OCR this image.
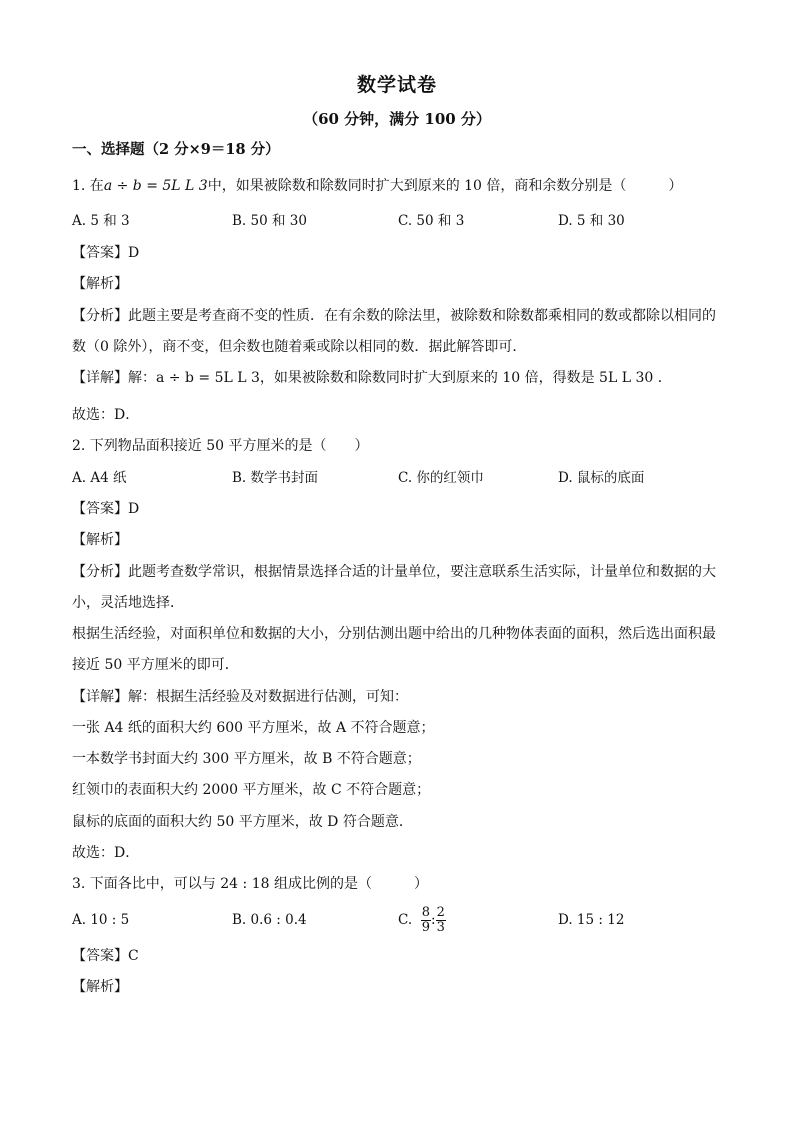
数学试卷
（60 分钟，满分 100 分）
一、选择题（2 分×9＝18 分）
1. 在a ÷ b = 5L L 3中，如果被除数和除数同时扩大到原来的 10 倍，商和余数分别是（　　　）
A. 5 和 3	B. 50 和 30	C. 50 和 3	D. 5 和 30
【答案】D
【解析】
【分析】此题主要是考查商不变的性质．在有余数的除法里，被除数和除数都乘相同的数或都除以相同的
数（0 除外），商不变，但余数也随着乘或除以相同的数．据此解答即可．
【详解】解：a ÷ b = 5L L 3，如果被除数和除数同时扩大到原来的 10 倍，得数是 5L L 30 ．
故选：D．
2. 下列物品面积接近 50 平方厘米的是（　　）
A. A4 纸	B. 数学书封面	C. 你的红领巾	D. 鼠标的底面
【答案】D
【解析】
【分析】此题考查数学常识，根据情景选择合适的计量单位，要注意联系生活实际，计量单位和数据的大
小，灵活地选择．
根据生活经验，对面积单位和数据的大小，分别估测出题中给出的几种物体表面的面积，然后选出面积最
接近 50 平方厘米的即可．
【详解】解：根据生活经验及对数据进行估测，可知：
一张 A4 纸的面积大约 600 平方厘米，故 A 不符合题意；
一本数学书封面大约 300 平方厘米，故 B 不符合题意；
红领巾的表面积大约 2000 平方厘米，故 C 不符合题意；
鼠标的底面的面积大约 50 平方厘米，故 D 符合题意．
故选：D．
3. 下面各比中，可以与 24 : 18 组成比例的是（　　　）
A. 10 : 5	B. 0.6 : 0.4	C. $\frac{8}{9}$ : $\frac{2}{3}$	D. 15 : 12
【答案】C
【解析】
